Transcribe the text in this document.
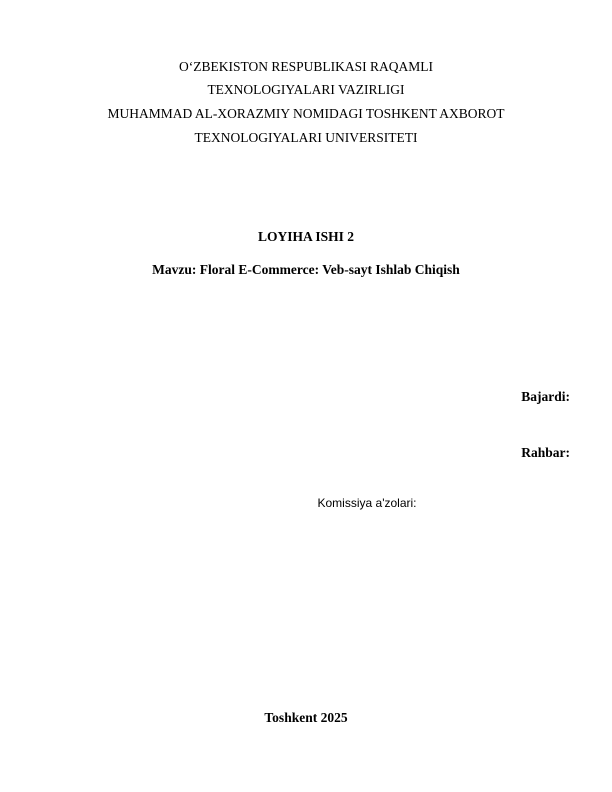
O‘ZBEKISTON RESPUBLIKASI RAQAMLI
TEXNOLOGIYALARI VAZIRLIGI
MUHAMMAD AL-XORAZMIY NOMIDAGI TOSHKENT AXBOROT
TEXNOLOGIYALARI UNIVERSITETI
LOYIHA ISHI 2
Mavzu: Floral E-Commerce: Veb-sayt Ishlab Chiqish
Bajardi:
Rahbar:
Komissiya a'zolari:
Toshkent 2025
